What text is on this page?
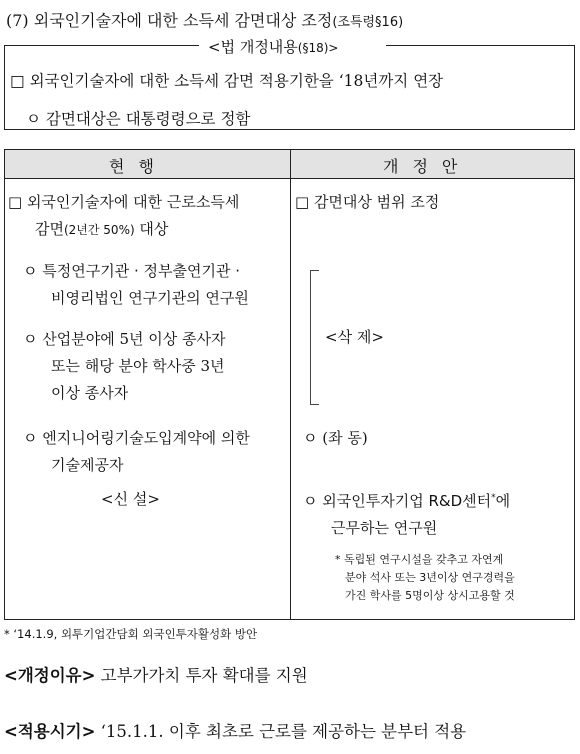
(7) 외국인기술자에 대한 소득세 감면대상 조정(조특령§16)
<법 개정내용(§18)>
□ 외국인기술자에 대한 소득세 감면 적용기한을 ‘18년까지 연장
ㅇ 감면대상은 대통령령으로 정함
현행	개정안
□ 외국인기술자에 대한 근로소득세
감면(2년간 50%) 대상
ㅇ 특정연구기관 · 정부출연기관 ·
비영리법인 연구기관의 연구원
ㅇ 산업분야에 5년 이상 종사자
또는 해당 분야 학사중 3년
이상 종사자
ㅇ 엔지니어링기술도입계약에 의한
기술제공자
<신 설>
□ 감면대상 범위 조정
<삭 제>
ㅇ (좌 동)
ㅇ 외국인투자기업 R&D센터*에
근무하는 연구원
* 독립된 연구시설을 갖추고 자연계
분야 석사 또는 3년이상 연구경력을
가진 학사를 5명이상 상시고용할 것
* ‘14.1.9, 외투기업간담회 외국인투자활성화 방안
<개정이유> 고부가가치 투자 확대를 지원
<적용시기> ‘15.1.1. 이후 최초로 근로를 제공하는 분부터 적용
